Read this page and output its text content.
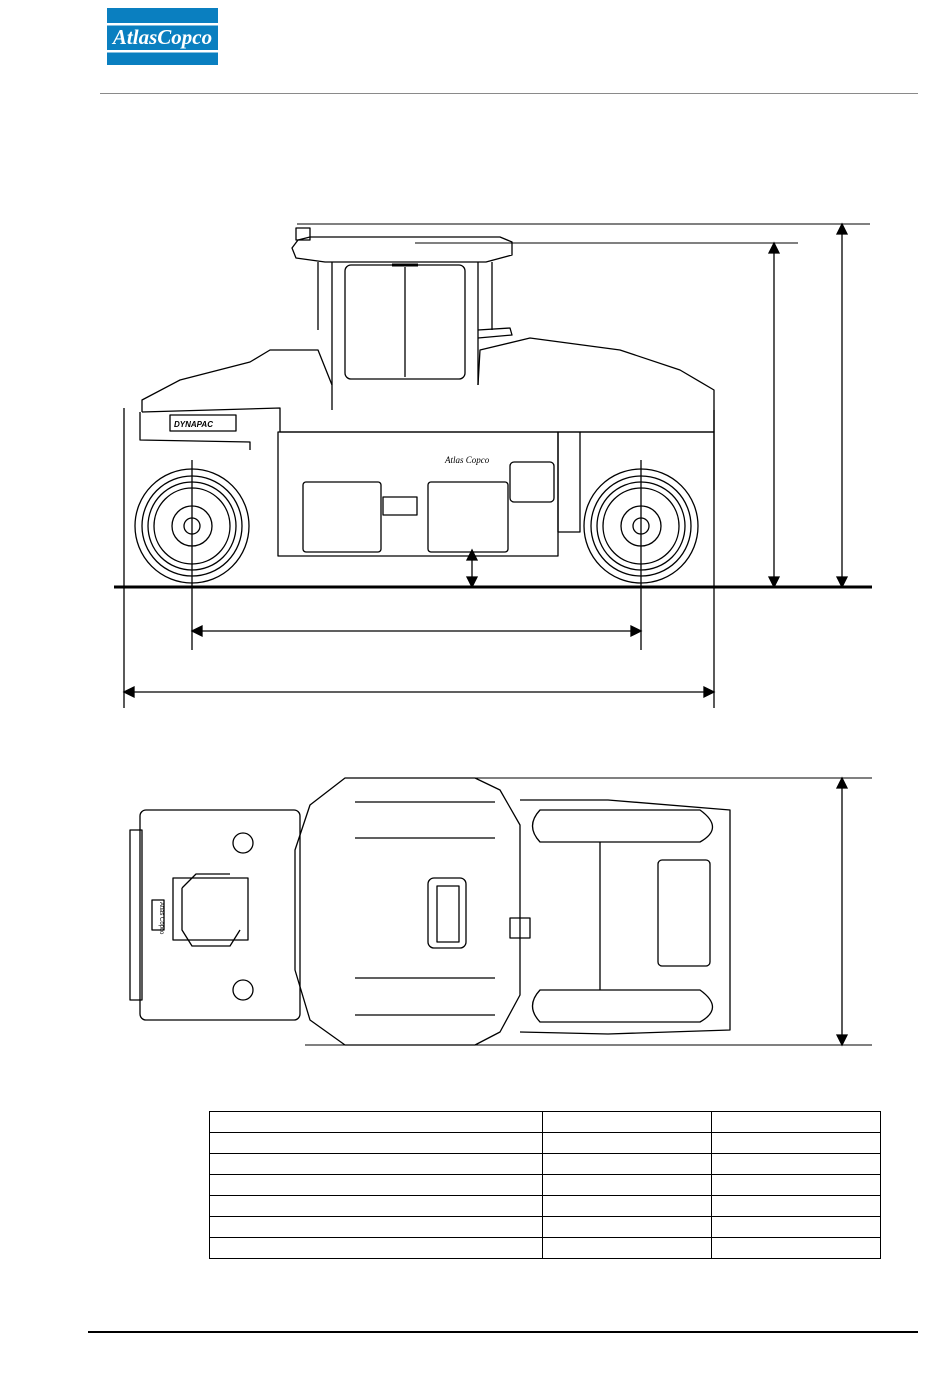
AtlasCopco
DYNAPAC
Atlas Copco
Atlas Copco
